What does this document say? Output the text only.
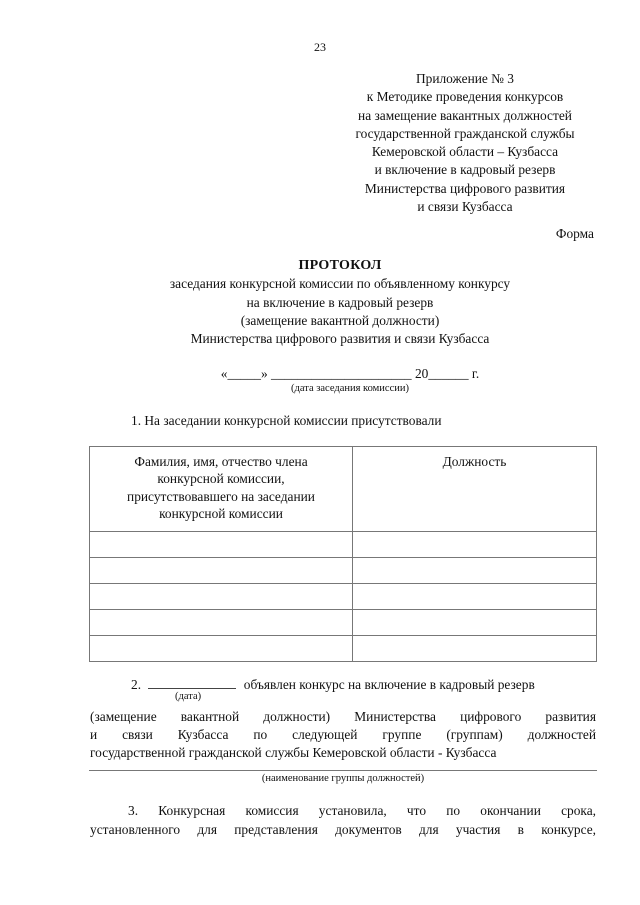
23
Приложение № 3
к Методике проведения конкурсов
на замещение вакантных должностей
государственной гражданской службы
Кемеровской области – Кузбасса
и включение в кадровый резерв
Министерства цифрового развития
и связи Кузбасса
Форма
ПРОТОКОЛ
заседания конкурсной комиссии по объявленному конкурсу
на включение в кадровый резерв
(замещение вакантной должности)
Министерства цифрового развития и связи Кузбасса
«_____» _____________________ 20______ г.
(дата заседания комиссии)
1. На заседании конкурсной комиссии присутствовали
Фамилия, имя, отчество члена
конкурсной комиссии,
присутствовавшего на заседании
конкурсной комиссии	Должность

2.	объявлен конкурс на включение в кадровый резерв
(дата)
(замещение вакантной должности) Министерства цифрового развития
и связи Кузбасса по следующей группе (группам) должностей
государственной гражданской службы Кемеровской области - Кузбасса
(наименование группы должностей)
3. Конкурсная комиссия установила, что по окончании срока,
установленного для представления документов для участия в конкурсе,
